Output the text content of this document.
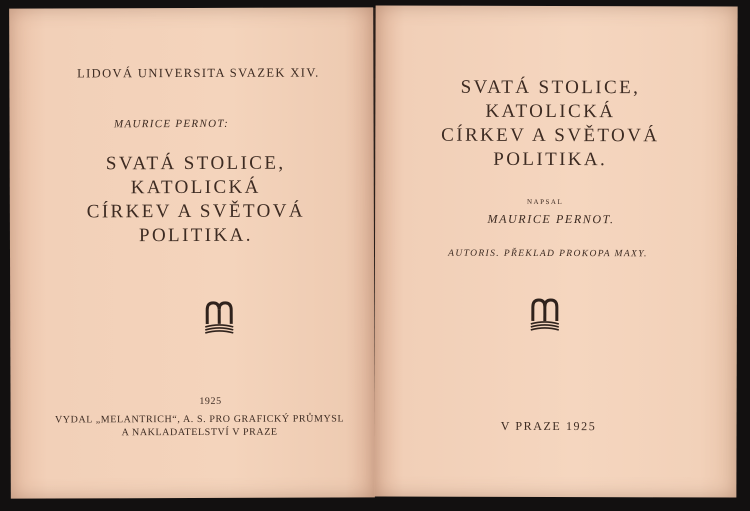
LIDOVÁ UNIVERSITA SVAZEK XIV.

MAURICE PERNOT:

SVATÁ STOLICE,
KATOLICKÁ
CÍRKEV A SVĚTOVÁ
POLITIKA.

1925

VYDAL „MELANTRICH“, A. S. PRO GRAFICKÝ PRŮMYSL

A NAKLADATELSTVÍ V PRAZE

SVATÁ STOLICE,
KATOLICKÁ
CÍRKEV A SVĚTOVÁ
POLITIKA.

NAPSAL

MAURICE PERNOT.

AUTORIS. PŘEKLAD PROKOPA MAXY.

V PRAZE 1925
